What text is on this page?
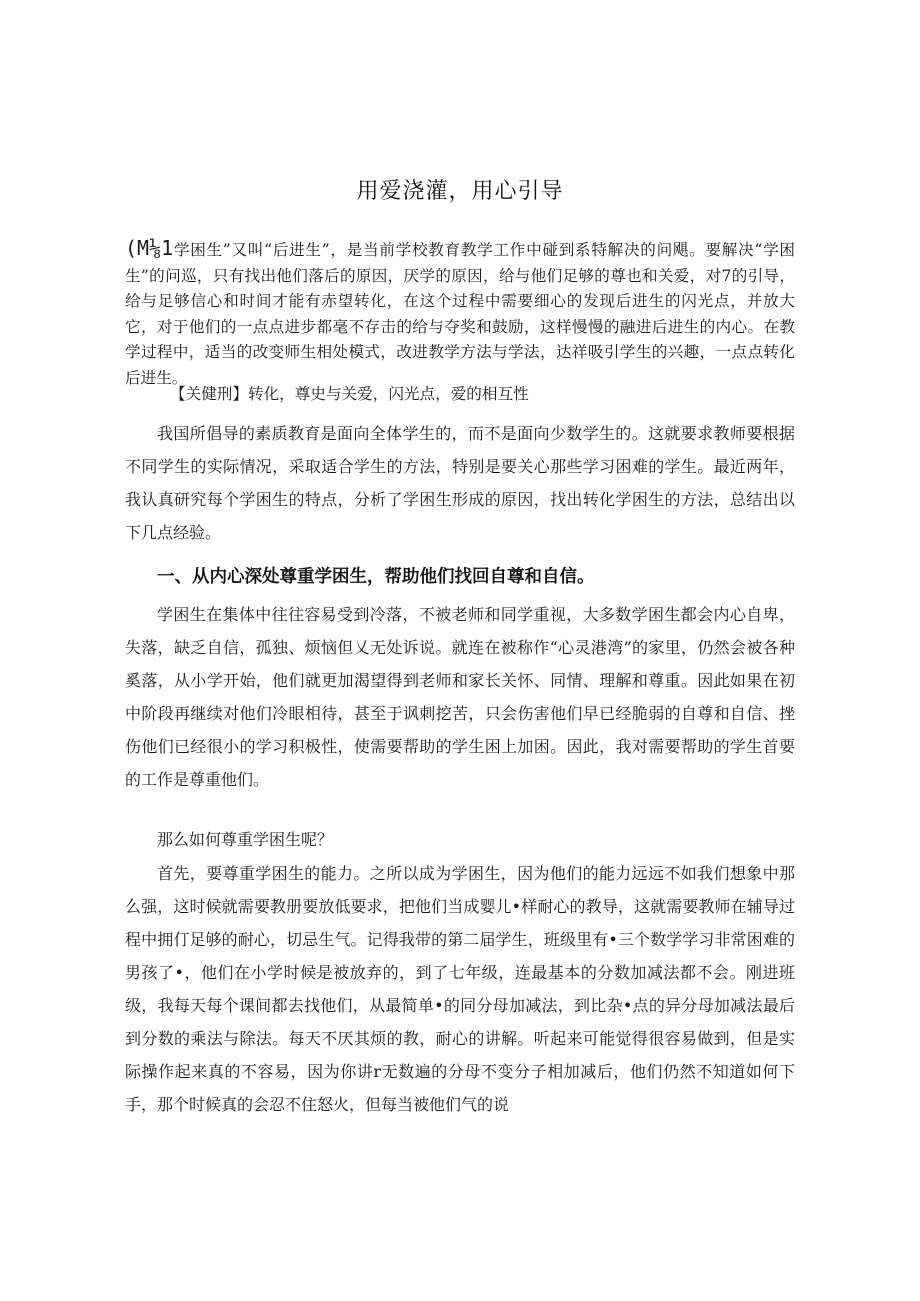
用爱浇灌，用心引导

(M⅛1学困生”又叫“后进生”，是当前学校教育教学工作中碰到系特解决的问飓。要解决“学困生”的问巡，只有找出他们落后的原因，厌学的原因，给与他们足够的尊也和关爱，对7的引导，给与足够信心和时间才能有赤望转化，在这个过程中需要细心的发现后进生的闪光点，并放大它，对于他们的一点点进步都毫不存击的给与夺奖和鼓励，这样慢慢的融进后进生的内心。在教学过程中，适当的改变师生相处模式，改进教学方法与学法，达祥吸引学生的兴趣，一点点转化后进生。

【关健刑】转化，尊史与关爱，闪光点，爱的相互性

我国所倡导的素质教育是面向全体学生的，而不是面向少数学生的。这就要求教师要根据不同学生的实际情况，采取适合学生的方法，特别是要关心那些学习困难的学生。最近两年，我认真研究每个学困生的特点，分析了学困生形成的原因，找出转化学困生的方法，总结出以下几点经验。

一、从内心深处尊重学困生，帮助他们找回自尊和自信。

学困生在集体中往往容易受到冷落，不被老师和同学重视，大多数学困生都会内心自卑，失落，缺乏自信，孤独、烦恼但乂无处诉说。就连在被称作“心灵港湾”的家里，仍然会被各种奚落，从小学开始，他们就更加渴望得到老师和家长关怀、同情、理解和尊重。因此如果在初中阶段再继续对他们冷眼相待，甚至于讽刺挖苦，只会伤害他们早已经脆弱的自尊和自信、挫伤他们已经很小的学习积极性，使需要帮助的学生困上加困。因此，我对需要帮助的学生首要的工作是尊重他们。

那么如何尊重学困生呢？

首先，要尊重学困生的能力。之所以成为学困生，因为他们的能力远远不如我们想象中那么强，这时候就需要教册要放低要求，把他们当成婴儿•样耐心的教导，这就需要教师在辅导过程中拥仃足够的耐心，切忌生气。记得我带的第二届学生，班级里有•三个数学学习非常困难的男孩了•，他们在小学时候是被放弃的，到了七年级，连最基本的分数加减法都不会。刚进班级，我每天每个课间都去找他们，从最简单•的同分母加减法，到比杂•点的异分母加减法最后到分数的乘法与除法。每天不厌其烦的教，耐心的讲解。听起来可能觉得很容易做到，但是实际操作起来真的不容易，因为你讲r无数遍的分母不变分子相加减后，他们仍然不知道如何下手，那个时候真的会忍不住怒火，但每当被他们气的说
